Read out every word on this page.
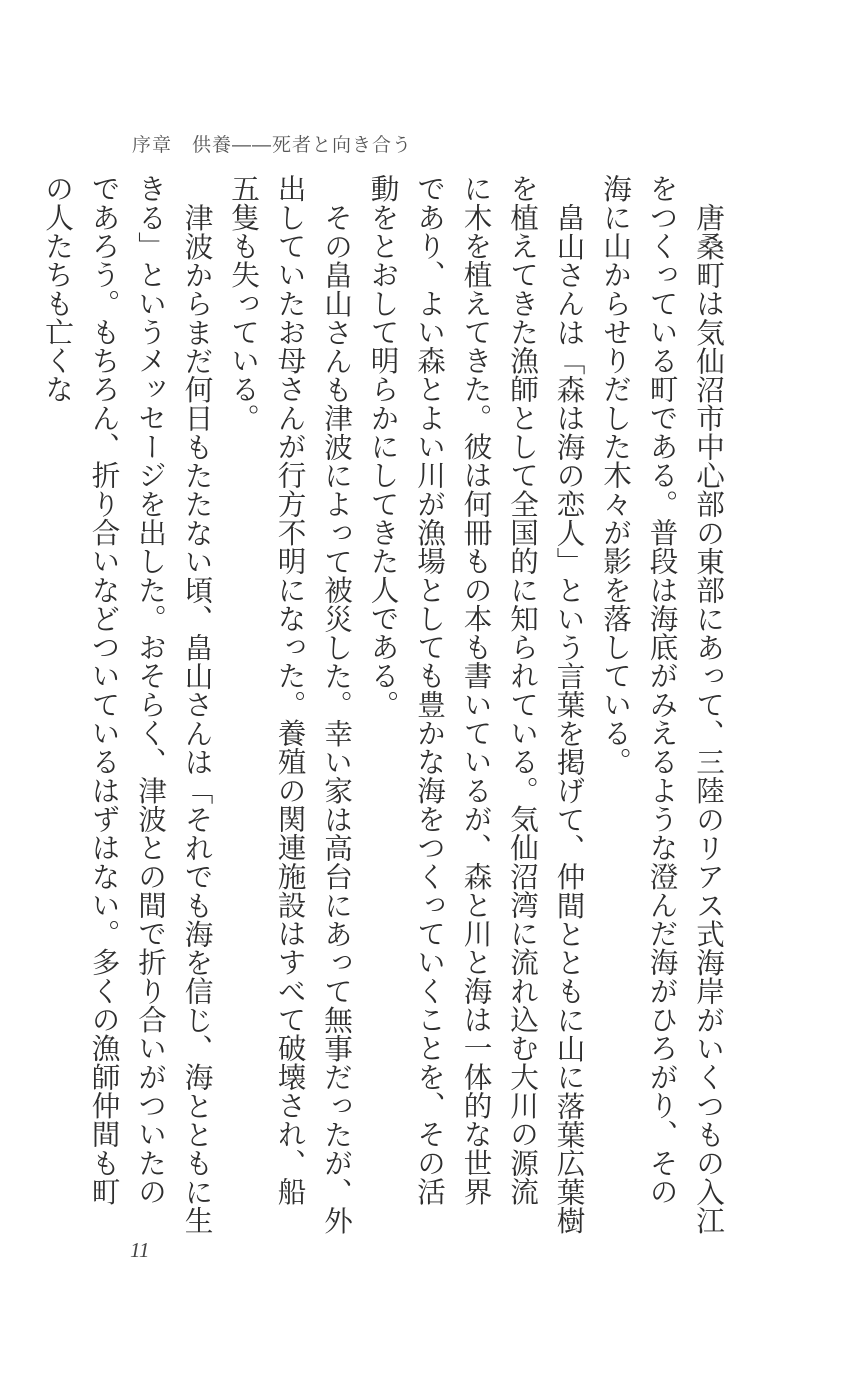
序章　供養――死者と向き合う

唐桑町は気仙沼市中心部の東部にあって、三陸のリアス式海岸がいくつもの入江をつくっている町である。普段は海底がみえるような澄んだ海がひろがり、その海に山からせりだした木々が影を落している。

畠山さんは「森は海の恋人」という言葉を掲げて、仲間とともに山に落葉広葉樹を植えてきた漁師として全国的に知られている。気仙沼湾に流れ込む大川の源流に木を植えてきた。彼は何冊もの本も書いているが、森と川と海は一体的な世界であり、よい森とよい川が漁場としても豊かな海をつくっていくことを、その活動をとおして明らかにしてきた人である。

その畠山さんも津波によって被災した。幸い家は高台にあって無事だったが、外出していたお母さんが行方不明になった。養殖の関連施設はすべて破壊され、船五隻も失っている。

津波からまだ何日もたたない頃、畠山さんは「それでも海を信じ、海とともに生きる」というメッセージを出した。おそらく、津波との間で折り合いがついたのであろう。もちろん、折り合いなどついているはずはない。多くの漁師仲間も町の人たちも亡くな

11
